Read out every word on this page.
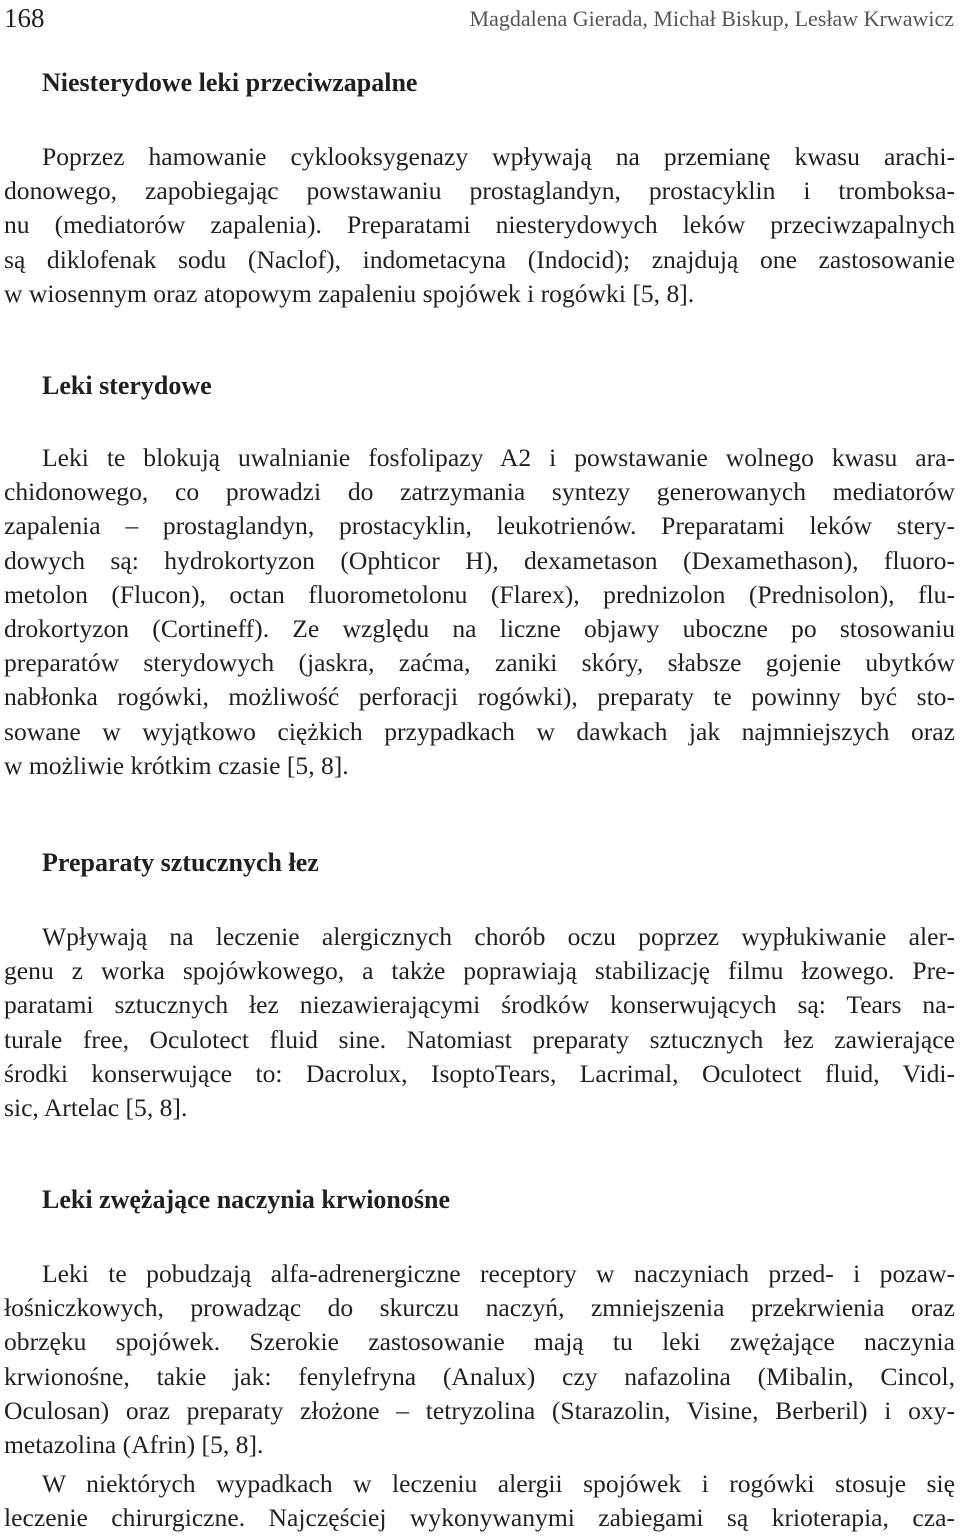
168	Magdalena Gierada, Michał Biskup, Lesław Krwawicz
Niesterydowe leki przeciwzapalne

Poprzez hamowanie cyklooksygenazy wpływają na przemianę kwasu arachi-
donowego, zapobiegając powstawaniu prostaglandyn, prostacyklin i tromboksa-
nu (mediatorów zapalenia). Preparatami niesterydowych leków przeciwzapalnych
są diklofenak sodu (Naclof), indometacyna (Indocid); znajdują one zastosowanie
w wiosennym oraz atopowym zapaleniu spojówek i rogówki [5, 8].

Leki sterydowe

Leki te blokują uwalnianie fosfolipazy A2 i powstawanie wolnego kwasu ara-
chidonowego, co prowadzi do zatrzymania syntezy generowanych mediatorów
zapalenia – prostaglandyn, prostacyklin, leukotrienów. Preparatami leków stery-
dowych są: hydrokortyzon (Ophticor H), dexametason (Dexamethason), fluoro-
metolon (Flucon), octan fluorometolonu (Flarex), prednizolon (Prednisolon), flu-
drokortyzon (Cortineff). Ze względu na liczne objawy uboczne po stosowaniu
preparatów sterydowych (jaskra, zaćma, zaniki skóry, słabsze gojenie ubytków
nabłonka rogówki, możliwość perforacji rogówki), preparaty te powinny być sto-
sowane w wyjątkowo ciężkich przypadkach w dawkach jak najmniejszych oraz
w możliwie krótkim czasie [5, 8].

Preparaty sztucznych łez

Wpływają na leczenie alergicznych chorób oczu poprzez wypłukiwanie aler-
genu z worka spojówkowego, a także poprawiają stabilizację filmu łzowego. Pre-
paratami sztucznych łez niezawierającymi środków konserwujących są: Tears na-
turale free, Oculotect fluid sine. Natomiast preparaty sztucznych łez zawierające
środki konserwujące to: Dacrolux, IsoptoTears, Lacrimal, Oculotect fluid, Vidi-
sic, Artelac [5, 8].

Leki zwężające naczynia krwionośne

Leki te pobudzają alfa-adrenergiczne receptory w naczyniach przed- i pozaw-
łośniczkowych, prowadząc do skurczu naczyń, zmniejszenia przekrwienia oraz
obrzęku spojówek. Szerokie zastosowanie mają tu leki zwężające naczynia
krwionośne, takie jak: fenylefryna (Analux) czy nafazolina (Mibalin, Cincol,
Oculosan) oraz preparaty złożone – tetryzolina (Starazolin, Visine, Berberil) i oxy-
metazolina (Afrin) [5, 8].

W niektórych wypadkach w leczeniu alergii spojówek i rogówki stosuje się
leczenie chirurgiczne. Najczęściej wykonywanymi zabiegami są krioterapia, cza-
